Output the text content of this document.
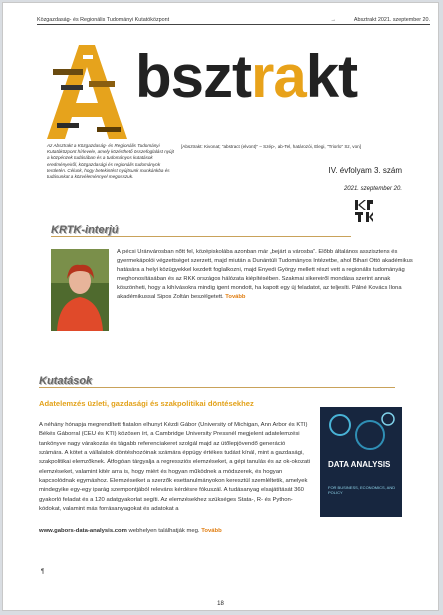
Közgazdaság- és Regionális Tudományi Kutatóközpont	→	Absztrakt 2021. szeptember 20.
bsztrakt
[Absztrakt: Kivonat; "abstract (elvont)" – Szép-, ab-Tel, határozói, Elegi, "Triorlo" Sz, von]
Az Absztrakt a Közgazdaság- és Regionális Tudományi Kutatóközpont hírlevele, amely közérthető összefoglalást nyújt a közpénzek tudásában és a tudományos kutatások eredményeiről, közgazdasági és regionális tudományok területén. Célunk, hogy betekintést nyújtsunk munkánkba és tudásunkat a közvéleménnyel megosszuk.
IV. évfolyam 3. szám
2021. szeptember 20.
KRTK-interjú
A pécsi Uránvárosban nőtt fel, középiskolába azonban már „bejárt a városba”. Előbb általános asszisztens és gyermekápolói végzettséget szerzett, majd miután a Dunántúli Tudományos Intézetbe, ahol Bihari Ottó akadémikus hatására a helyi közügyekkel kezdett foglalkozni, majd Enyedi György mellett részt vett a regionális tudományág meghonosításában és az RKK országos hálózata kiépítésében. Szakmai sikereiről mondása szerint annak köszönheti, hogy a kihívásokra mindig igent mondott, ha kapott egy új feladatot, az teljesíti. Pálné Kovács Ilona akadémikussal Sipos Zoltán beszélgetett. Tovább
Kutatások
Adatelemzés üzleti, gazdasági és szakpolitikai döntésekhez
A néhány hónapja megrendített fiatalon elhunyt Kézdi Gábor (University of Michigan, Ann Arbor és KTI) Békés Gáborral (CEU és KTI) közösen írt, a Cambridge University Pressnél megjelent adatelemzési tankönyve nagy várakozás és tágabb referenciakeret szolgál majd az ütőlepjövendő generáció számára. A kötet a vállalatok döntéshozóinak számára éppúgy értékes tudást kínál, mint a gazdasági, szakpolitikai elemzőknek. Átfogóan tárgyalja a regressziós elemzéseket, a gépi tanulás és az ok-okozati elemzéseket, valamint kitér arra is, hogy miért és hogyan működnek a módszerek, és hogyan kapcsolódnak egymáshoz. Elemzéseiket a szerzők esettanulmányokon keresztül szemléltetik, amelyek mindegyike egy-egy iparág szempontjából releváns kérdésre fókuszál. A tudásanyag elsajátítását 360 gyakorló feladat és a 120 adatgyakorlat segíti. Az elemzésekhez szükséges Stata-, R- és Python-kódokat, valamint más forrásanyagokat és adatokat a
www.gabors-data-analysis.com webhelyen találhatják meg. Tovább
DATA ANALYSIS
FOR BUSINESS, ECONOMICS, AND POLICY
¶
18
